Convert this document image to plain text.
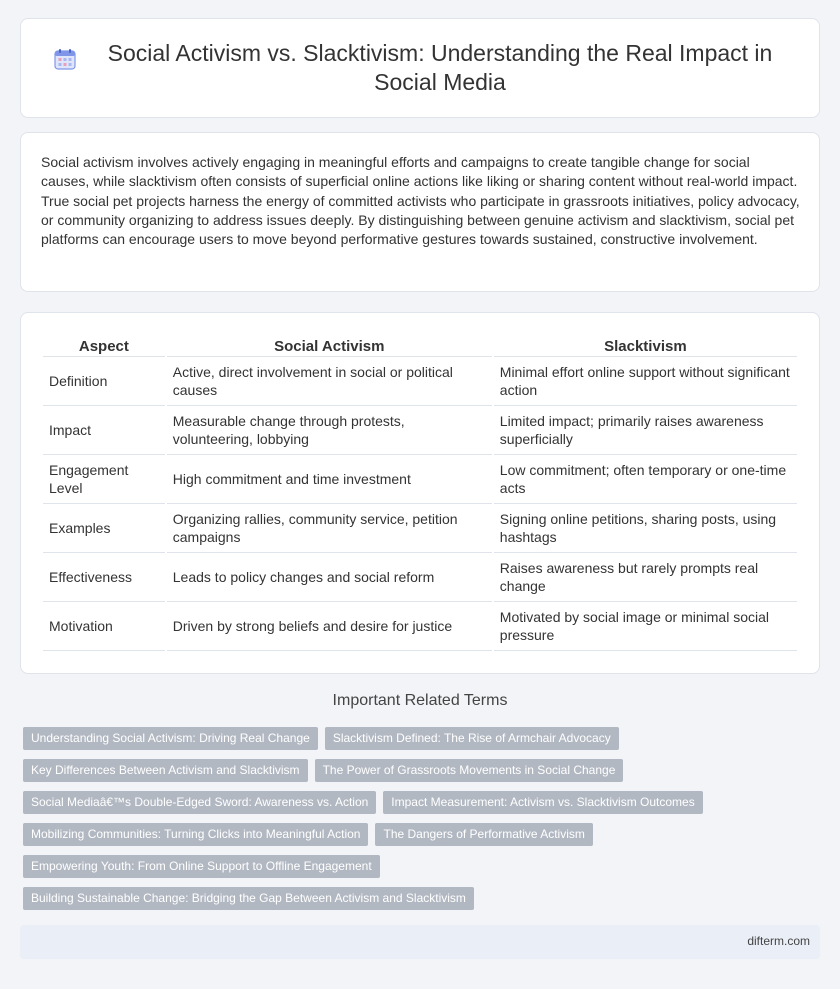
Social Activism vs. Slacktivism: Understanding the Real Impact in Social Media

Social activism involves actively engaging in meaningful efforts and campaigns to create tangible change for social causes, while slacktivism often consists of superficial online actions like liking or sharing content without real-world impact. True social pet projects harness the energy of committed activists who participate in grassroots initiatives, policy advocacy, or community organizing to address issues deeply. By distinguishing between genuine activism and slacktivism, social pet platforms can encourage users to move beyond performative gestures towards sustained, constructive involvement.

Aspect	Social Activism	Slacktivism
Definition	Active, direct involvement in social or political causes	Minimal effort online support without significant action
Impact	Measurable change through protests, volunteering, lobbying	Limited impact; primarily raises awareness superficially
Engagement Level	High commitment and time investment	Low commitment; often temporary or one-time acts
Examples	Organizing rallies, community service, petition campaigns	Signing online petitions, sharing posts, using hashtags
Effectiveness	Leads to policy changes and social reform	Raises awareness but rarely prompts real change
Motivation	Driven by strong beliefs and desire for justice	Motivated by social image or minimal social pressure
Important Related Terms
Understanding Social Activism: Driving Real Change	Slacktivism Defined: The Rise of Armchair Advocacy
Key Differences Between Activism and Slacktivism	The Power of Grassroots Movements in Social Change
Social Mediaâ€™s Double-Edged Sword: Awareness vs. Action	Impact Measurement: Activism vs. Slacktivism Outcomes
Mobilizing Communities: Turning Clicks into Meaningful Action	The Dangers of Performative Activism
Empowering Youth: From Online Support to Offline Engagement
Building Sustainable Change: Bridging the Gap Between Activism and Slacktivism
difterm.com
